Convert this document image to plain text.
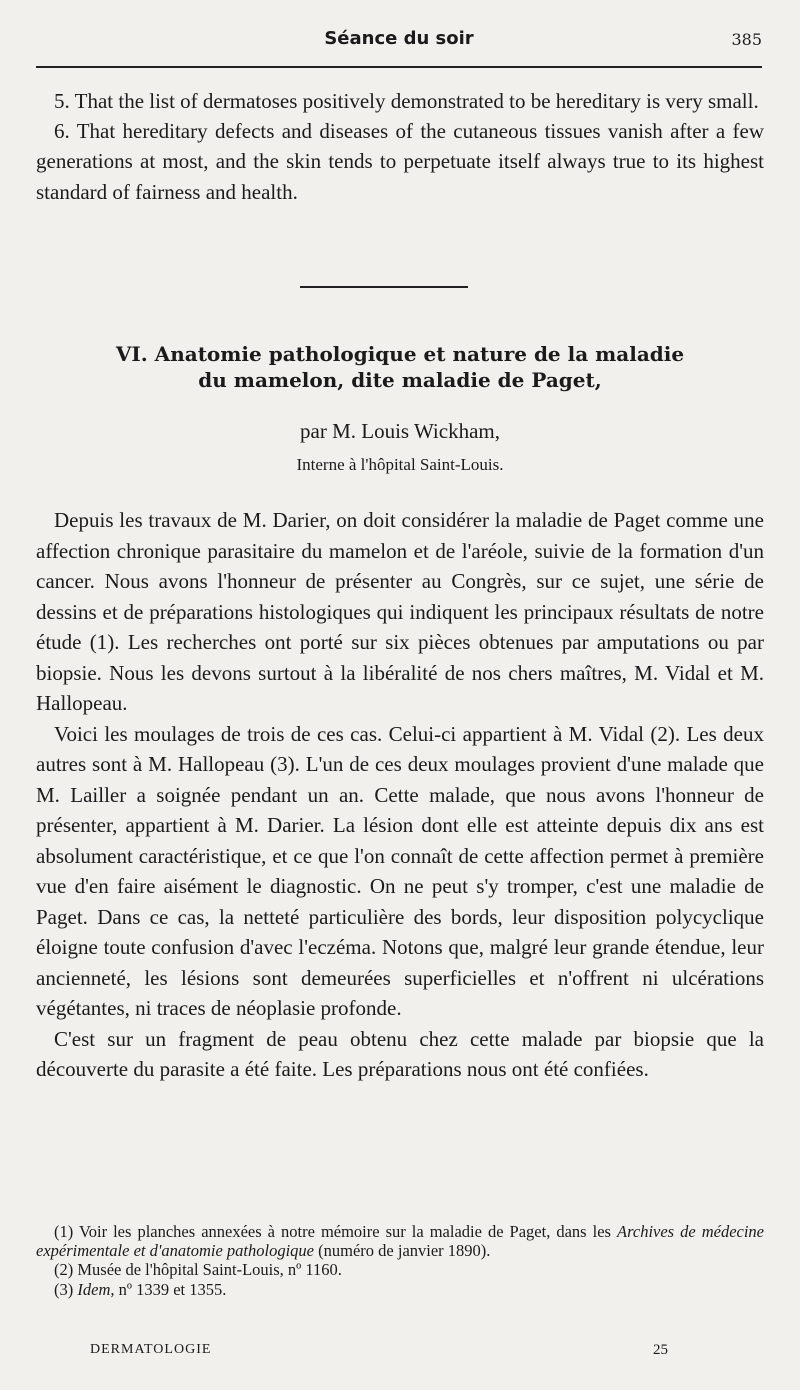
Séance du soir	385

5. That the list of dermatoses positively demonstrated to be hereditary is very small.

6. That hereditary defects and diseases of the cutaneous tissues vanish after a few generations at most, and the skin tends to perpetuate itself always true to its highest standard of fairness and health.

VI. Anatomie pathologique et nature de la maladie
du mamelon, dite maladie de Paget,
par M. Louis Wickham,
Interne à l'hôpital Saint-Louis.

Depuis les travaux de M. Darier, on doit considérer la maladie de Paget comme une affection chronique parasitaire du mamelon et de l'aréole, suivie de la formation d'un cancer. Nous avons l'honneur de présenter au Congrès, sur ce sujet, une série de dessins et de préparations histologiques qui indiquent les principaux résultats de notre étude (1). Les recherches ont porté sur six pièces obtenues par amputations ou par biopsie. Nous les devons surtout à la libéralité de nos chers maîtres, M. Vidal et M. Hallopeau.

Voici les moulages de trois de ces cas. Celui-ci appartient à M. Vidal (2). Les deux autres sont à M. Hallopeau (3). L'un de ces deux moulages provient d'une malade que M. Lailler a soignée pendant un an. Cette malade, que nous avons l'honneur de présenter, appartient à M. Darier. La lésion dont elle est atteinte depuis dix ans est absolument caractéristique, et ce que l'on connaît de cette affection permet à première vue d'en faire aisément le diagnostic. On ne peut s'y tromper, c'est une maladie de Paget. Dans ce cas, la netteté particulière des bords, leur disposition polycyclique éloigne toute confusion d'avec l'eczéma. Notons que, malgré leur grande étendue, leur ancienneté, les lésions sont demeurées superficielles et n'offrent ni ulcérations végétantes, ni traces de néoplasie profonde.

C'est sur un fragment de peau obtenu chez cette malade par biopsie que la découverte du parasite a été faite. Les préparations nous ont été confiées.

(1) Voir les planches annexées à notre mémoire sur la maladie de Paget, dans les Archives de médecine expérimentale et d'anatomie pathologique (numéro de janvier 1890).

(2) Musée de l'hôpital Saint-Louis, nº 1160.

(3) Idem, nº 1339 et 1355.

DERMATOLOGIE	25
